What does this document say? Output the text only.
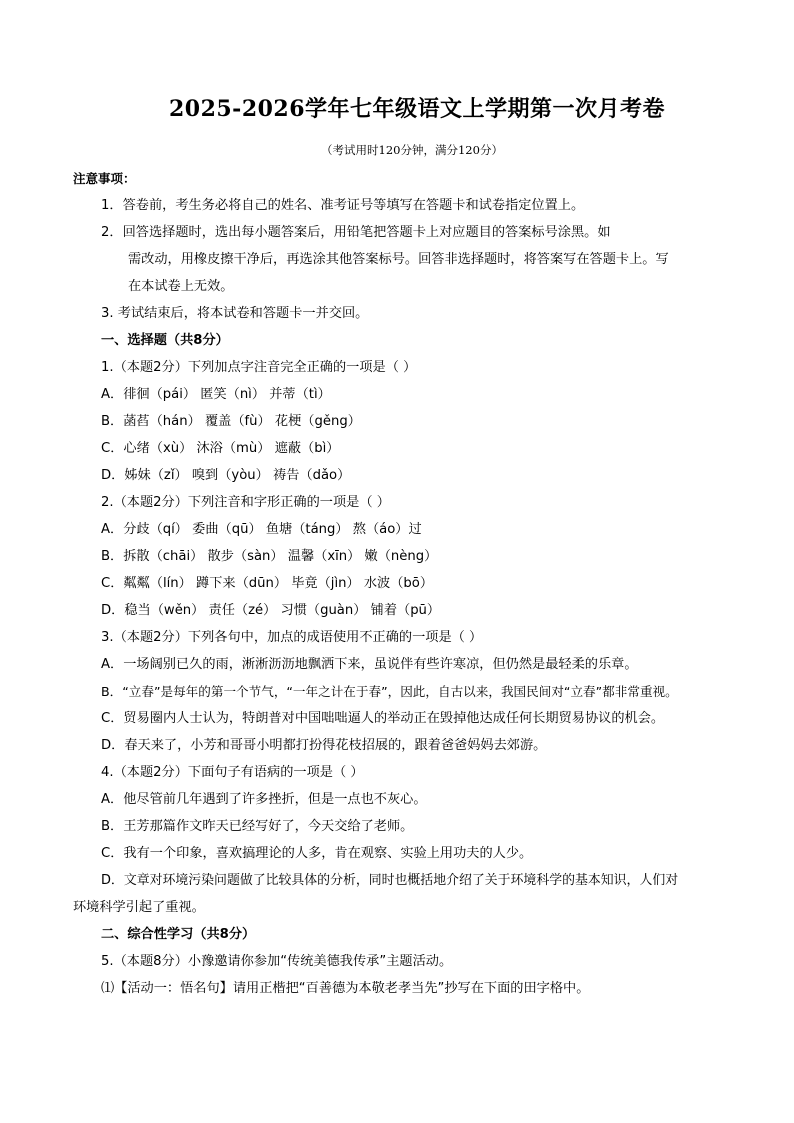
2025-2026学年七年级语文上学期第一次月考卷
（考试用时120分钟，满分120分）
注意事项：
1．答卷前，考生务必将自己的姓名、准考证号等填写在答题卡和试卷指定位置上。
2．回答选择题时，选出每小题答案后，用铅笔把答题卡上对应题目的答案标号涂黑。如
需改动，用橡皮擦干净后，再选涂其他答案标号。回答非选择题时，将答案写在答题卡上。写
在本试卷上无效。
3. 考试结束后，将本试卷和答题卡一并交回。
一、选择题（共8分）
1.（本题2分）下列加点字注音完全正确的一项是（ ）
A．徘徊（pái） 匿笑（nì） 并蒂（tì）
B．菡萏（hán） 覆盖（fù） 花梗（gěng）
C．心绪（xù） 沐浴（mù） 遮蔽（bì）
D．姊妹（zǐ） 嗅到（yòu） 祷告（dǎo）
2.（本题2分）下列注音和字形正确的一项是（ ）
A．分歧（qí） 委曲（qū） 鱼塘（táng） 熬（áo）过
B．拆散（chāi） 散步（sàn） 温馨（xīn） 嫩（nèng）
C．粼粼（lín） 蹲下来（dūn） 毕竟（jìn） 水波（bō）
D．稳当（wěn） 责任（zé） 习惯（guàn） 铺着（pū）
3.（本题2分）下列各句中，加点的成语使用不正确的一项是（ ）
A．一场阔别已久的雨，淅淅沥沥地飘洒下来，虽说伴有些许寒凉，但仍然是最轻柔的乐章。
B．“立春”是每年的第一个节气，“一年之计在于春”，因此，自古以来，我国民间对“立春”都非常重视。
C．贸易圈内人士认为，特朗普对中国咄咄逼人的举动正在毁掉他达成任何长期贸易协议的机会。
D．春天来了，小芳和哥哥小明都打扮得花枝招展的，跟着爸爸妈妈去郊游。
4.（本题2分）下面句子有语病的一项是（ ）
A．他尽管前几年遇到了许多挫折，但是一点也不灰心。
B．王芳那篇作文昨天已经写好了，今天交给了老师。
C．我有一个印象，喜欢搞理论的人多，肯在观察、实验上用功夫的人少。
D．文章对环境污染问题做了比较具体的分析，同时也概括地介绍了关于环境科学的基本知识，人们对
环境科学引起了重视。
二、综合性学习（共8分）
5.（本题8分）小豫邀请你参加“传统美德我传承”主题活动。
⑴【活动一：悟名句】请用正楷把“百善德为本敬老孝当先”抄写在下面的田字格中。
